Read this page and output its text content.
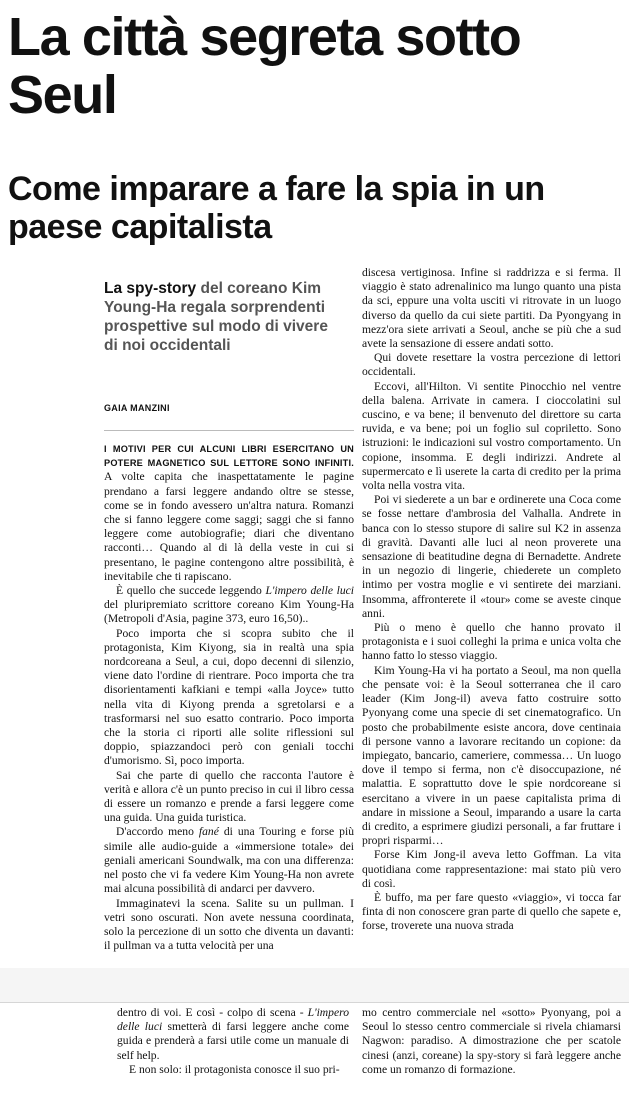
La città segreta sotto Seul
Come imparare a fare la spia in un paese capitalista

La spy-story del coreano Kim Young-Ha regala sorprendenti prospettive sul modo di vivere di noi occidentali

GAIA MANZINI

I MOTIVI PER CUI ALCUNI LIBRI ESERCITANO UN POTERE MAGNETICO SUL LETTORE SONO INFINITI. A volte capita che inaspettatamente le pagine prendano a farsi leggere andando oltre se stesse, come se in fondo avessero un'altra natura. Romanzi che si fanno leggere come saggi; saggi che si fanno leggere come autobiografie; diari che diventano racconti… Quando al di là della veste in cui si presentano, le pagine contengono altre possibilità, è inevitabile che ti rapiscano.

È quello che succede leggendo L'impero delle luci del pluripremiato scrittore coreano Kim Young-Ha (Metropoli d'Asia, pagine 373, euro 16,50)..

Poco importa che si scopra subito che il protagonista, Kim Kiyong, sia in realtà una spia nordcoreana a Seul, a cui, dopo decenni di silenzio, viene dato l'ordine di rientrare. Poco importa che tra disorientamenti kafkiani e tempi «alla Joyce» tutto nella vita di Kiyong prenda a sgretolarsi e a trasformarsi nel suo esatto contrario. Poco importa che la storia ci riporti alle solite riflessioni sul doppio, spiazzandoci però con geniali tocchi d'umorismo. Sì, poco importa.

Sai che parte di quello che racconta l'autore è verità e allora c'è un punto preciso in cui il libro cessa di essere un romanzo e prende a farsi leggere come una guida. Una guida turistica.

D'accordo meno fané di una Touring e forse più simile alle audio-guide a «immersione totale» dei geniali americani Soundwalk, ma con una differenza: nel posto che vi fa vedere Kim Young-Ha non avrete mai alcuna possibilità di andarci per davvero.

Immaginatevi la scena. Salite su un pullman. I vetri sono oscurati. Non avete nessuna coordinata, solo la percezione di un sotto che diventa un davanti: il pullman va a tutta velocità per una

discesa vertiginosa. Infine si raddrizza e si ferma. Il viaggio è stato adrenalinico ma lungo quanto una pista da sci, eppure una volta usciti vi ritrovate in un luogo diverso da quello da cui siete partiti. Da Pyongyang in mezz'ora siete arrivati a Seoul, anche se più che a sud avete la sensazione di essere andati sotto.

Qui dovete resettare la vostra percezione di lettori occidentali.

Eccovi, all'Hilton. Vi sentite Pinocchio nel ventre della balena. Arrivate in camera. I cioccolatini sul cuscino, e va bene; il benvenuto del direttore su carta ruvida, e va bene; poi un foglio sul copriletto. Sono istruzioni: le indicazioni sul vostro comportamento. Un copione, insomma. E degli indirizzi. Andrete al supermercato e lì userete la carta di credito per la prima volta nella vostra vita.

Poi vi siederete a un bar e ordinerete una Coca come se fosse nettare d'ambrosia del Valhalla. Andrete in banca con lo stesso stupore di salire sul K2 in assenza di gravità. Davanti alle luci al neon proverete una sensazione di beatitudine degna di Bernadette. Andrete in un negozio di lingerie, chiederete un completo intimo per vostra moglie e vi sentirete dei marziani. Insomma, affronterete il «tour» come se aveste cinque anni.

Più o meno è quello che hanno provato il protagonista e i suoi colleghi la prima e unica volta che hanno fatto lo stesso viaggio.

Kim Young-Ha vi ha portato a Seoul, ma non quella che pensate voi: è la Seoul sotterranea che il caro leader (Kim Jong-il) aveva fatto costruire sotto Pyonyang come una specie di set cinematografico. Un posto che probabilmente esiste ancora, dove centinaia di persone vanno a lavorare recitando un copione: da impiegato, bancario, cameriere, commessa… Un luogo dove il tempo si ferma, non c'è disoccupazione, né malattia. E soprattutto dove le spie nordcoreane si esercitano a vivere in un paese capitalista prima di andare in missione a Seoul, imparando a usare la carta di credito, a esprimere giudizi personali, a far fruttare i propri risparmi…

Forse Kim Jong-il aveva letto Goffman. La vita quotidiana come rappresentazione: mai stato più vero di così.

È buffo, ma per fare questo «viaggio», vi tocca far finta di non conoscere gran parte di quello che sapete e, forse, troverete una nuova strada

dentro di voi. E così - colpo di scena - L'impero delle luci smetterà di farsi leggere anche come guida e prenderà a farsi utile come un manuale di self help.

E non solo: il protagonista conosce il suo pri-

mo centro commerciale nel «sotto» Pyonyang, poi a Seoul lo stesso centro commerciale si rivela chiamarsi Nagwon: paradiso. A dimostrazione che per scatole cinesi (anzi, coreane) la spy-story si farà leggere anche come un romanzo di formazione.
